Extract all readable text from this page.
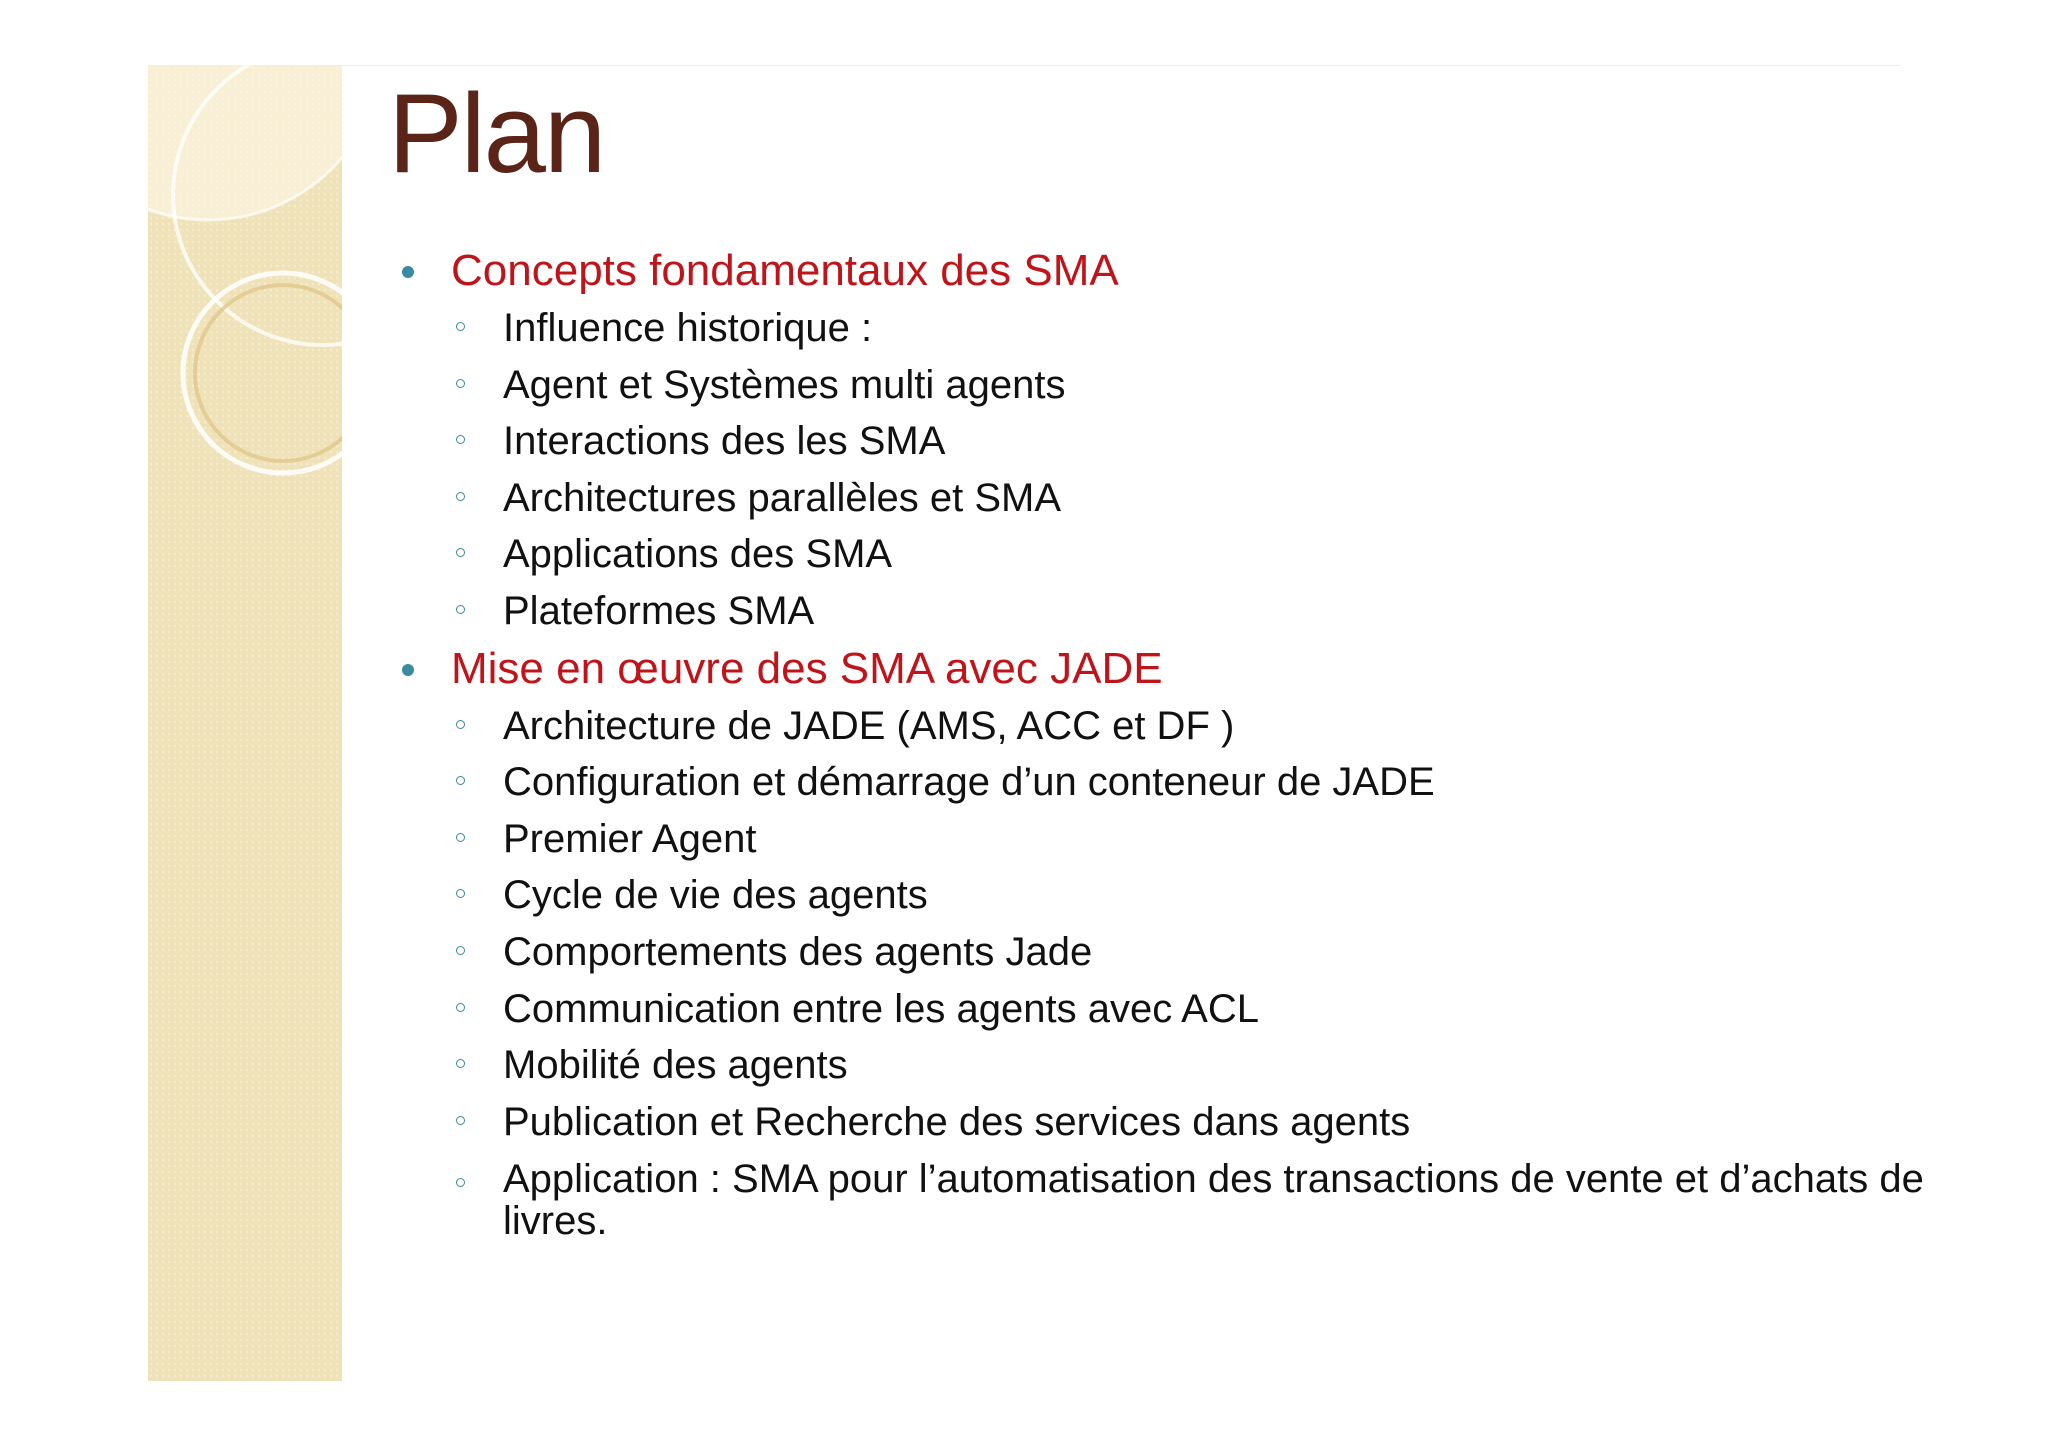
Plan
Concepts fondamentaux des SMA
Influence historique :
Agent et Systèmes multi agents
Interactions des les SMA
Architectures parallèles et SMA
Applications des SMA
Plateformes SMA
Mise en œuvre des SMA avec JADE
Architecture de JADE (AMS, ACC et DF )
Configuration et démarrage d’un conteneur de JADE
Premier Agent
Cycle de vie des agents
Comportements des agents Jade
Communication entre les agents avec ACL
Mobilité des agents
Publication et Recherche des services dans agents
Application : SMA pour l’automatisation des transactions de vente et d’achats de livres.
